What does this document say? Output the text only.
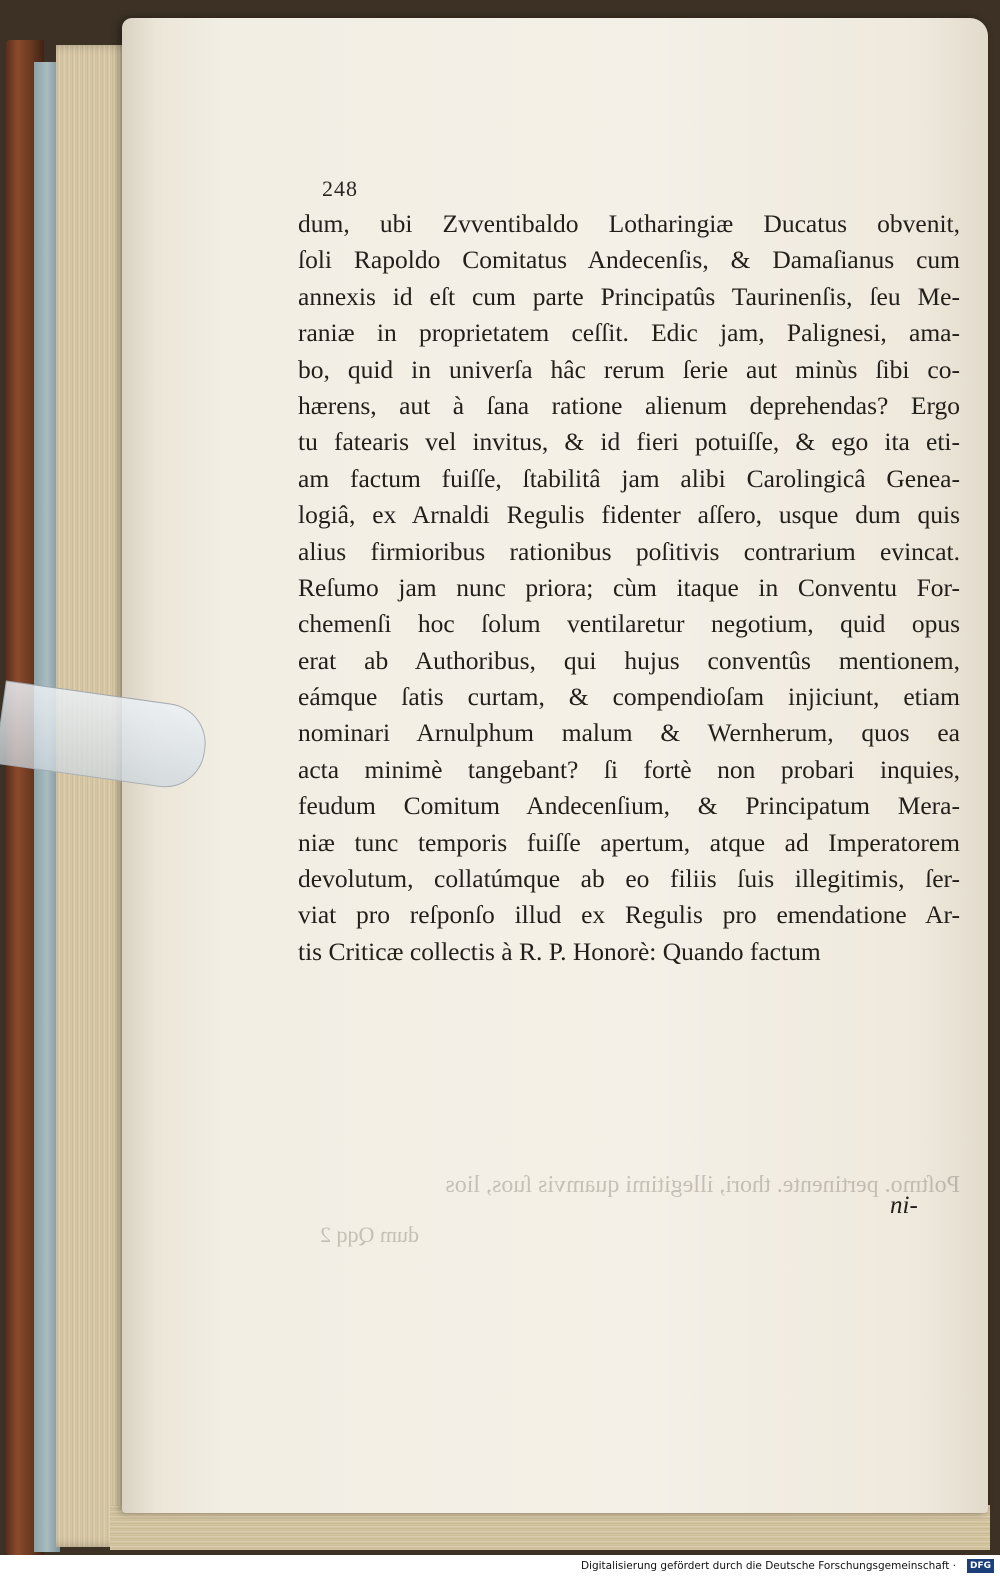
Poſtmo. pertinente. thori, illegitimi quamvis ſuos, lios
dum Qqq 2
248
dum, ubi Zvventibaldo Lotharingiæ Ducatus obvenit,
ſoli Rapoldo Comitatus Andecenſis, & Damaſianus cum
annexis id eſt cum parte Principatûs Taurinenſis, ſeu Me-
raniæ in proprietatem ceſſit. Edic jam, Palignesi, ama-
bo, quid in univerſa hâc rerum ſerie aut minùs ſibi co-
hærens, aut à ſana ratione alienum deprehendas? Ergo
tu fatearis vel invitus, & id fieri potuiſſe, & ego ita eti-
am factum fuiſſe, ſtabilitâ jam alibi Carolingicâ Genea-
logiâ, ex Arnaldi Regulis fidenter aſſero, usque dum quis
alius firmioribus rationibus poſitivis contrarium evincat.
Reſumo jam nunc priora; cùm itaque in Conventu For-
chemenſi hoc ſolum ventilaretur negotium, quid opus
erat ab Authoribus, qui hujus conventûs mentionem,
eámque ſatis curtam, & compendioſam injiciunt, etiam
nominari Arnulphum malum & Wernherum, quos ea
acta minimè tangebant? ſi fortè non probari inquies,
feudum Comitum Andecenſium, & Principatum Mera-
niæ tunc temporis fuiſſe apertum, atque ad Imperatorem
devolutum, collatúmque ab eo filiis ſuis illegitimis, ſer-
viat pro reſponſo illud ex Regulis pro emendatione Ar-
tis Criticæ collectis à R. P. Honorè: Quando factum
ni-
Digitalisierung gefördert durch die Deutsche Forschungsgemeinschaft ·	DFG
